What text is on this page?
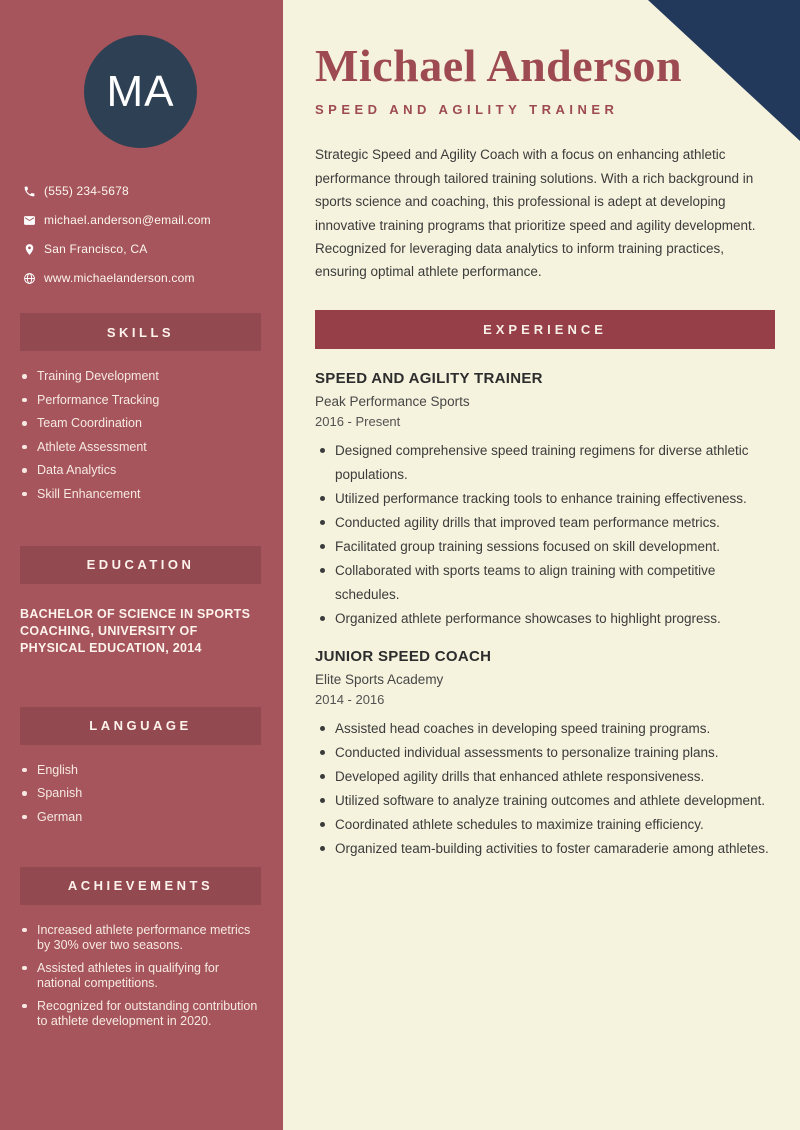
MA
(555) 234-5678
michael.anderson@email.com
San Francisco, CA
www.michaelanderson.com
SKILLS
Training Development
Performance Tracking
Team Coordination
Athlete Assessment
Data Analytics
Skill Enhancement
EDUCATION

BACHELOR OF SCIENCE IN SPORTS COACHING, UNIVERSITY OF PHYSICAL EDUCATION, 2014

LANGUAGE
English
Spanish
German
ACHIEVEMENTS
Increased athlete performance metrics by 30% over two seasons.
Assisted athletes in qualifying for national competitions.
Recognized for outstanding contribution to athlete development in 2020.
Michael Anderson
SPEED AND AGILITY TRAINER

Strategic Speed and Agility Coach with a focus on enhancing athletic performance through tailored training solutions. With a rich background in sports science and coaching, this professional is adept at developing innovative training programs that prioritize speed and agility development. Recognized for leveraging data analytics to inform training practices, ensuring optimal athlete performance.

EXPERIENCE
SPEED AND AGILITY TRAINER
Peak Performance Sports
2016 - Present
Designed comprehensive speed training regimens for diverse athletic populations.
Utilized performance tracking tools to enhance training effectiveness.
Conducted agility drills that improved team performance metrics.
Facilitated group training sessions focused on skill development.
Collaborated with sports teams to align training with competitive schedules.
Organized athlete performance showcases to highlight progress.
JUNIOR SPEED COACH
Elite Sports Academy
2014 - 2016
Assisted head coaches in developing speed training programs.
Conducted individual assessments to personalize training plans.
Developed agility drills that enhanced athlete responsiveness.
Utilized software to analyze training outcomes and athlete development.
Coordinated athlete schedules to maximize training efficiency.
Organized team-building activities to foster camaraderie among athletes.
